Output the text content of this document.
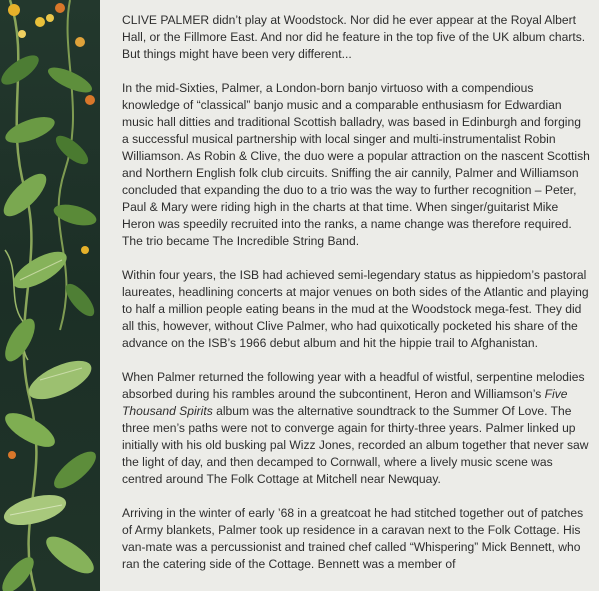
CLIVE PALMER didn’t play at Woodstock. Nor did he ever appear at the Royal Albert Hall, or the Fillmore East. And nor did he feature in the top five of the UK album charts. But things might have been very different...

In the mid-Sixties, Palmer, a London-born banjo virtuoso with a compendious knowledge of “classical” banjo music and a comparable enthusiasm for Edwardian music hall ditties and traditional Scottish balladry, was based in Edinburgh and forging a successful musical partnership with local singer and multi-instrumentalist Robin Williamson. As Robin & Clive, the duo were a popular attraction on the nascent Scottish and Northern English folk club circuits. Sniffing the air cannily, Palmer and Williamson concluded that expanding the duo to a trio was the way to further recognition – Peter, Paul & Mary were riding high in the charts at that time. When singer/guitarist Mike Heron was speedily recruited into the ranks, a name change was therefore required. The trio became The Incredible String Band.

Within four years, the ISB had achieved semi-legendary status as hippiedom’s pastoral laureates, headlining concerts at major venues on both sides of the Atlantic and playing to half a million people eating beans in the mud at the Woodstock mega-fest. They did all this, however, without Clive Palmer, who had quixotically pocketed his share of the advance on the ISB’s 1966 debut album and hit the hippie trail to Afghanistan.

When Palmer returned the following year with a headful of wistful, serpentine melodies absorbed during his rambles around the subcontinent, Heron and Williamson’s Five Thousand Spirits album was the alternative soundtrack to the Summer Of Love. The three men’s paths were not to converge again for thirty-three years. Palmer linked up initially with his old busking pal Wizz Jones, recorded an album together that never saw the light of day, and then decamped to Cornwall, where a lively music scene was centred around The Folk Cottage at Mitchell near Newquay.

Arriving in the winter of early ’68 in a greatcoat he had stitched together out of patches of Army blankets, Palmer took up residence in a caravan next to the Folk Cottage. His van-mate was a percussionist and trained chef called “Whispering” Mick Bennett, who ran the catering side of the Cottage. Bennett was a member of
